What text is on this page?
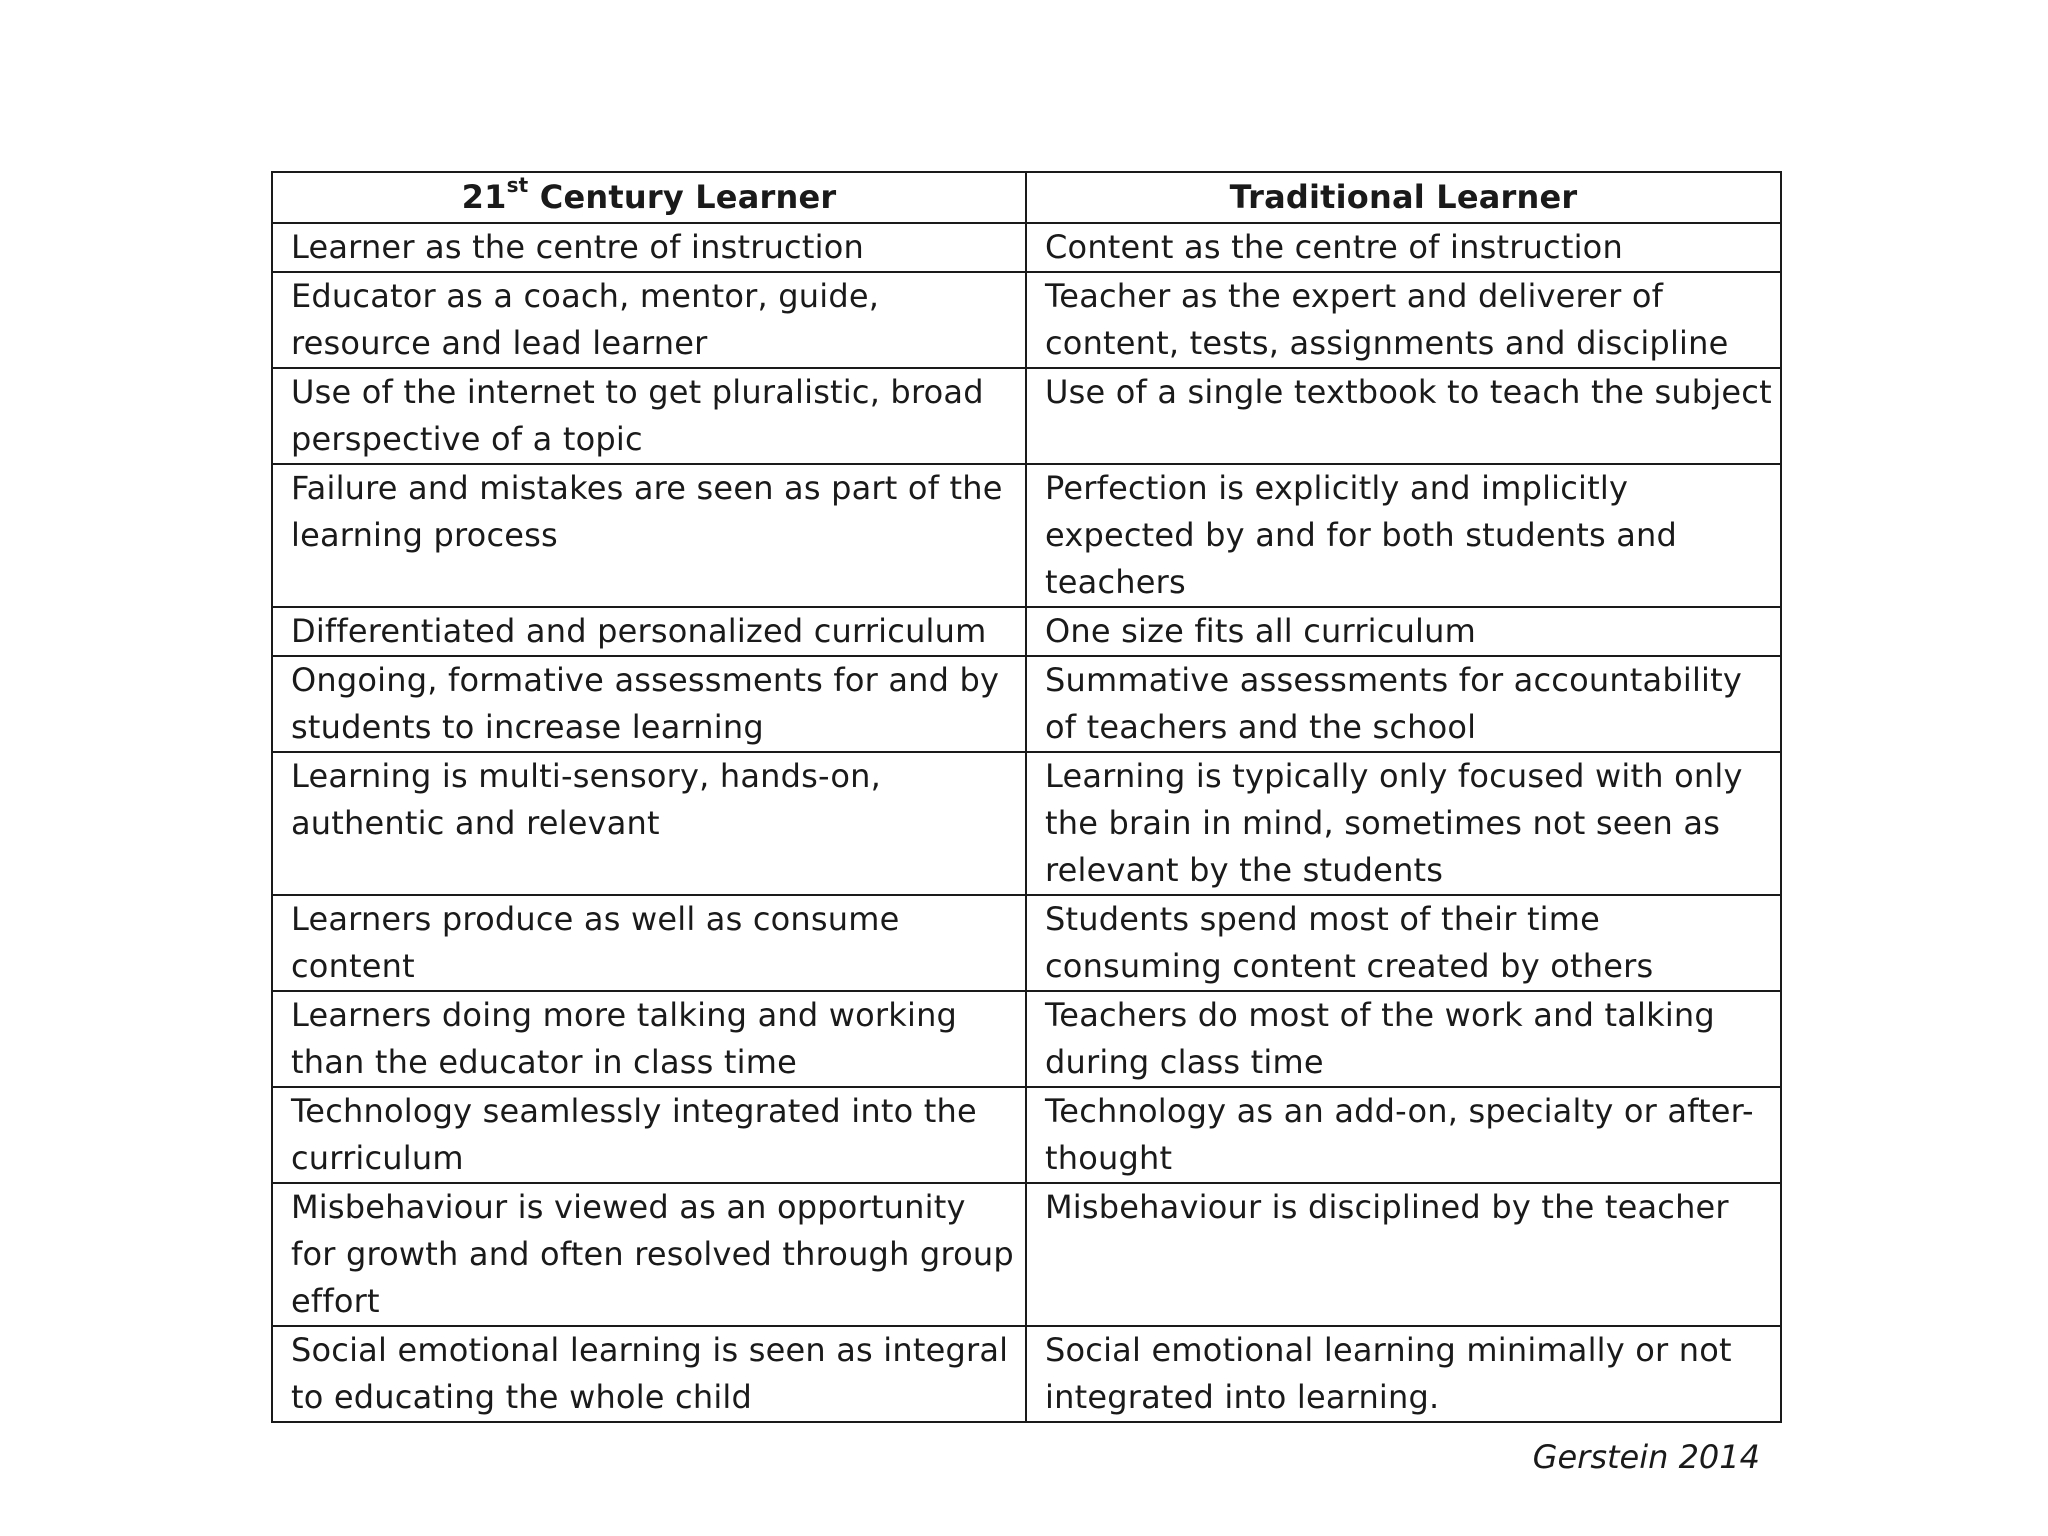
21st Century Learner	Traditional Learner
Learner as the centre of instruction	Content as the centre of instruction
Educator as a coach, mentor, guide, resource and lead learner	Teacher as the expert and deliverer of content, tests, assignments and discipline
Use of the internet to get pluralistic, broad perspective of a topic	Use of a single textbook to teach the subject
Failure and mistakes are seen as part of the learning process	Perfection is explicitly and implicitly expected by and for both students and teachers
Differentiated and personalized curriculum	One size fits all curriculum
Ongoing, formative assessments for and by students to increase learning	Summative assessments for accountability of teachers and the school
Learning is multi-sensory, hands-on, authentic and relevant	Learning is typically only focused with only the brain in mind, sometimes not seen as relevant by the students
Learners produce as well as consume content	Students spend most of their time consuming content created by others
Learners doing more talking and working than the educator in class time	Teachers do most of the work and talking during class time
Technology seamlessly integrated into the curriculum	Technology as an add-on, specialty or after-thought
Misbehaviour is viewed as an opportunity for growth and often resolved through group effort	Misbehaviour is disciplined by the teacher
Social emotional learning is seen as integral to educating the whole child	Social emotional learning minimally or not integrated into learning.
Gerstein 2014
